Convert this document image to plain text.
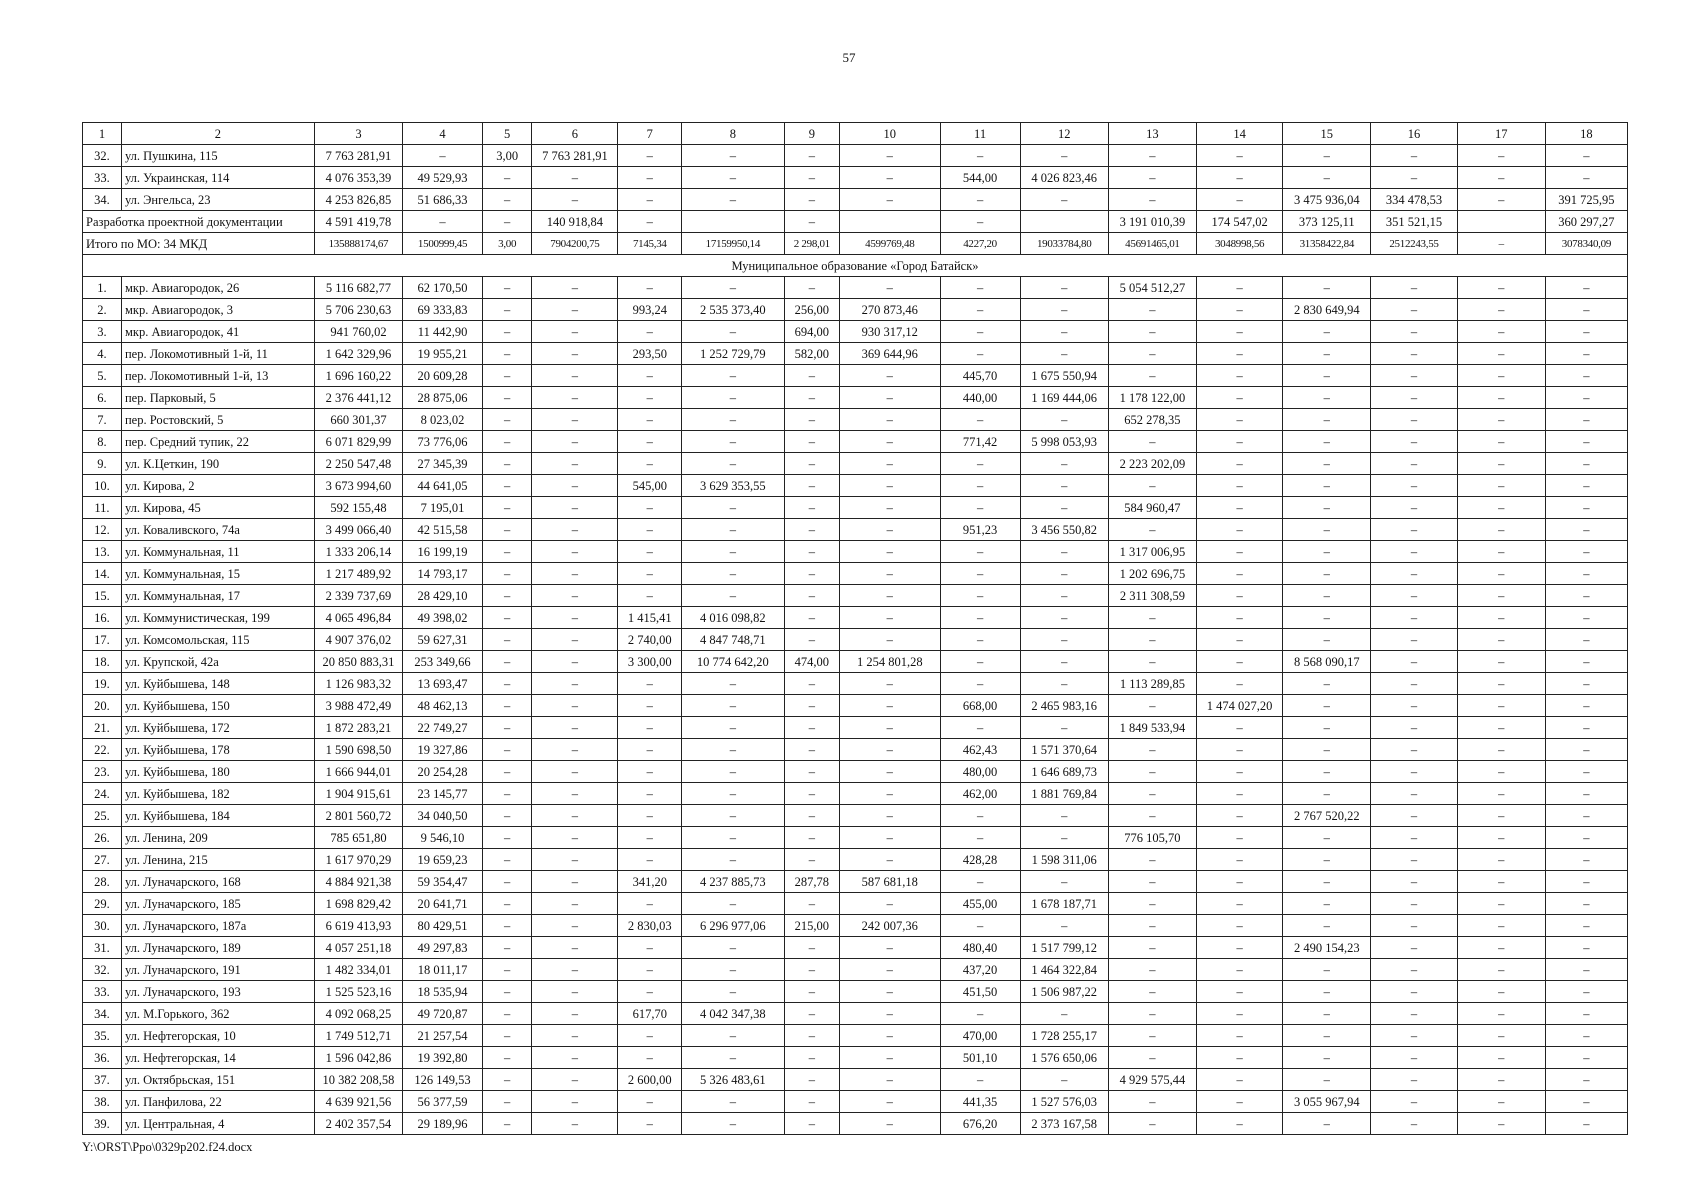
57
1	2	3	4	5	6	7	8	9	10	11	12	13	14	15	16	17	18
32.	ул. Пушкина, 115	7 763 281,91	–	3,00	7 763 281,91	–	–	–	–	–	–	–	–	–	–	–	–
33.	ул. Украинская, 114	4 076 353,39	49 529,93	–	–	–	–	–	–	544,00	4 026 823,46	–	–	–	–	–	–
34.	ул. Энгельса, 23	4 253 826,85	51 686,33	–	–	–	–	–	–	–	–	–	–	3 475 936,04	334 478,53	–	391 725,95
Разработка проектной документации		4 591 419,78	–	–	140 918,84	–		–		–		3 191 010,39	174 547,02	373 125,11	351 521,15		360 297,27
Итого по МО: 34 МКД		135888174,67	1500999,45	3,00	7904200,75	7145,34	17159950,14	2 298,01	4599769,48	4227,20	19033784,80	45691465,01	3048998,56	31358422,84	2512243,55	–	3078340,09
Муниципальное образование «Город Батайск»																	
1.	мкр. Авиагородок, 26	5 116 682,77	62 170,50	–	–	–	–	–	–	–	–	5 054 512,27	–	–	–	–	–
2.	мкр. Авиагородок, 3	5 706 230,63	69 333,83	–	–	993,24	2 535 373,40	256,00	270 873,46	–	–	–	–	2 830 649,94	–	–	–
3.	мкр. Авиагородок, 41	941 760,02	11 442,90	–	–	–	–	694,00	930 317,12	–	–	–	–	–	–	–	–
4.	пер. Локомотивный 1-й, 11	1 642 329,96	19 955,21	–	–	293,50	1 252 729,79	582,00	369 644,96	–	–	–	–	–	–	–	–
5.	пер. Локомотивный 1-й, 13	1 696 160,22	20 609,28	–	–	–	–	–	–	445,70	1 675 550,94	–	–	–	–	–	–
6.	пер. Парковый, 5	2 376 441,12	28 875,06	–	–	–	–	–	–	440,00	1 169 444,06	1 178 122,00	–	–	–	–	–
7.	пер. Ростовский, 5	660 301,37	8 023,02	–	–	–	–	–	–	–	–	652 278,35	–	–	–	–	–
8.	пер. Средний тупик, 22	6 071 829,99	73 776,06	–	–	–	–	–	–	771,42	5 998 053,93	–	–	–	–	–	–
9.	ул. К.Цеткин, 190	2 250 547,48	27 345,39	–	–	–	–	–	–	–	–	2 223 202,09	–	–	–	–	–
10.	ул. Кирова, 2	3 673 994,60	44 641,05	–	–	545,00	3 629 353,55	–	–	–	–	–	–	–	–	–	–
11.	ул. Кирова, 45	592 155,48	7 195,01	–	–	–	–	–	–	–	–	584 960,47	–	–	–	–	–
12.	ул. Коваливского, 74а	3 499 066,40	42 515,58	–	–	–	–	–	–	951,23	3 456 550,82	–	–	–	–	–	–
13.	ул. Коммунальная, 11	1 333 206,14	16 199,19	–	–	–	–	–	–	–	–	1 317 006,95	–	–	–	–	–
14.	ул. Коммунальная, 15	1 217 489,92	14 793,17	–	–	–	–	–	–	–	–	1 202 696,75	–	–	–	–	–
15.	ул. Коммунальная, 17	2 339 737,69	28 429,10	–	–	–	–	–	–	–	–	2 311 308,59	–	–	–	–	–
16.	ул. Коммунистическая, 199	4 065 496,84	49 398,02	–	–	1 415,41	4 016 098,82	–	–	–	–	–	–	–	–	–	–
17.	ул. Комсомольская, 115	4 907 376,02	59 627,31	–	–	2 740,00	4 847 748,71	–	–	–	–	–	–	–	–	–	–
18.	ул. Крупской, 42а	20 850 883,31	253 349,66	–	–	3 300,00	10 774 642,20	474,00	1 254 801,28	–	–	–	–	8 568 090,17	–	–	–
19.	ул. Куйбышева, 148	1 126 983,32	13 693,47	–	–	–	–	–	–	–	–	1 113 289,85	–	–	–	–	–
20.	ул. Куйбышева, 150	3 988 472,49	48 462,13	–	–	–	–	–	–	668,00	2 465 983,16	–	1 474 027,20	–	–	–	–
21.	ул. Куйбышева, 172	1 872 283,21	22 749,27	–	–	–	–	–	–	–	–	1 849 533,94	–	–	–	–	–
22.	ул. Куйбышева, 178	1 590 698,50	19 327,86	–	–	–	–	–	–	462,43	1 571 370,64	–	–	–	–	–	–
23.	ул. Куйбышева, 180	1 666 944,01	20 254,28	–	–	–	–	–	–	480,00	1 646 689,73	–	–	–	–	–	–
24.	ул. Куйбышева, 182	1 904 915,61	23 145,77	–	–	–	–	–	–	462,00	1 881 769,84	–	–	–	–	–	–
25.	ул. Куйбышева, 184	2 801 560,72	34 040,50	–	–	–	–	–	–	–	–	–	–	2 767 520,22	–	–	–
26.	ул. Ленина, 209	785 651,80	9 546,10	–	–	–	–	–	–	–	–	776 105,70	–	–	–	–	–
27.	ул. Ленина, 215	1 617 970,29	19 659,23	–	–	–	–	–	–	428,28	1 598 311,06	–	–	–	–	–	–
28.	ул. Луначарского, 168	4 884 921,38	59 354,47	–	–	341,20	4 237 885,73	287,78	587 681,18	–	–	–	–	–	–	–	–
29.	ул. Луначарского, 185	1 698 829,42	20 641,71	–	–	–	–	–	–	455,00	1 678 187,71	–	–	–	–	–	–
30.	ул. Луначарского, 187а	6 619 413,93	80 429,51	–	–	2 830,03	6 296 977,06	215,00	242 007,36	–	–	–	–	–	–	–	–
31.	ул. Луначарского, 189	4 057 251,18	49 297,83	–	–	–	–	–	–	480,40	1 517 799,12	–	–	2 490 154,23	–	–	–
32.	ул. Луначарского, 191	1 482 334,01	18 011,17	–	–	–	–	–	–	437,20	1 464 322,84	–	–	–	–	–	–
33.	ул. Луначарского, 193	1 525 523,16	18 535,94	–	–	–	–	–	–	451,50	1 506 987,22	–	–	–	–	–	–
34.	ул. М.Горького, 362	4 092 068,25	49 720,87	–	–	617,70	4 042 347,38	–	–	–	–	–	–	–	–	–	–
35.	ул. Нефтегорская, 10	1 749 512,71	21 257,54	–	–	–	–	–	–	470,00	1 728 255,17	–	–	–	–	–	–
36.	ул. Нефтегорская, 14	1 596 042,86	19 392,80	–	–	–	–	–	–	501,10	1 576 650,06	–	–	–	–	–	–
37.	ул. Октябрьская, 151	10 382 208,58	126 149,53	–	–	2 600,00	5 326 483,61	–	–	–	–	4 929 575,44	–	–	–	–	–
38.	ул. Панфилова, 22	4 639 921,56	56 377,59	–	–	–	–	–	–	441,35	1 527 576,03	–	–	3 055 967,94	–	–	–
39.	ул. Центральная, 4	2 402 357,54	29 189,96	–	–	–	–	–	–	676,20	2 373 167,58	–	–	–	–	–	–
Y:\ORST\Ppo\0329p202.f24.docx
